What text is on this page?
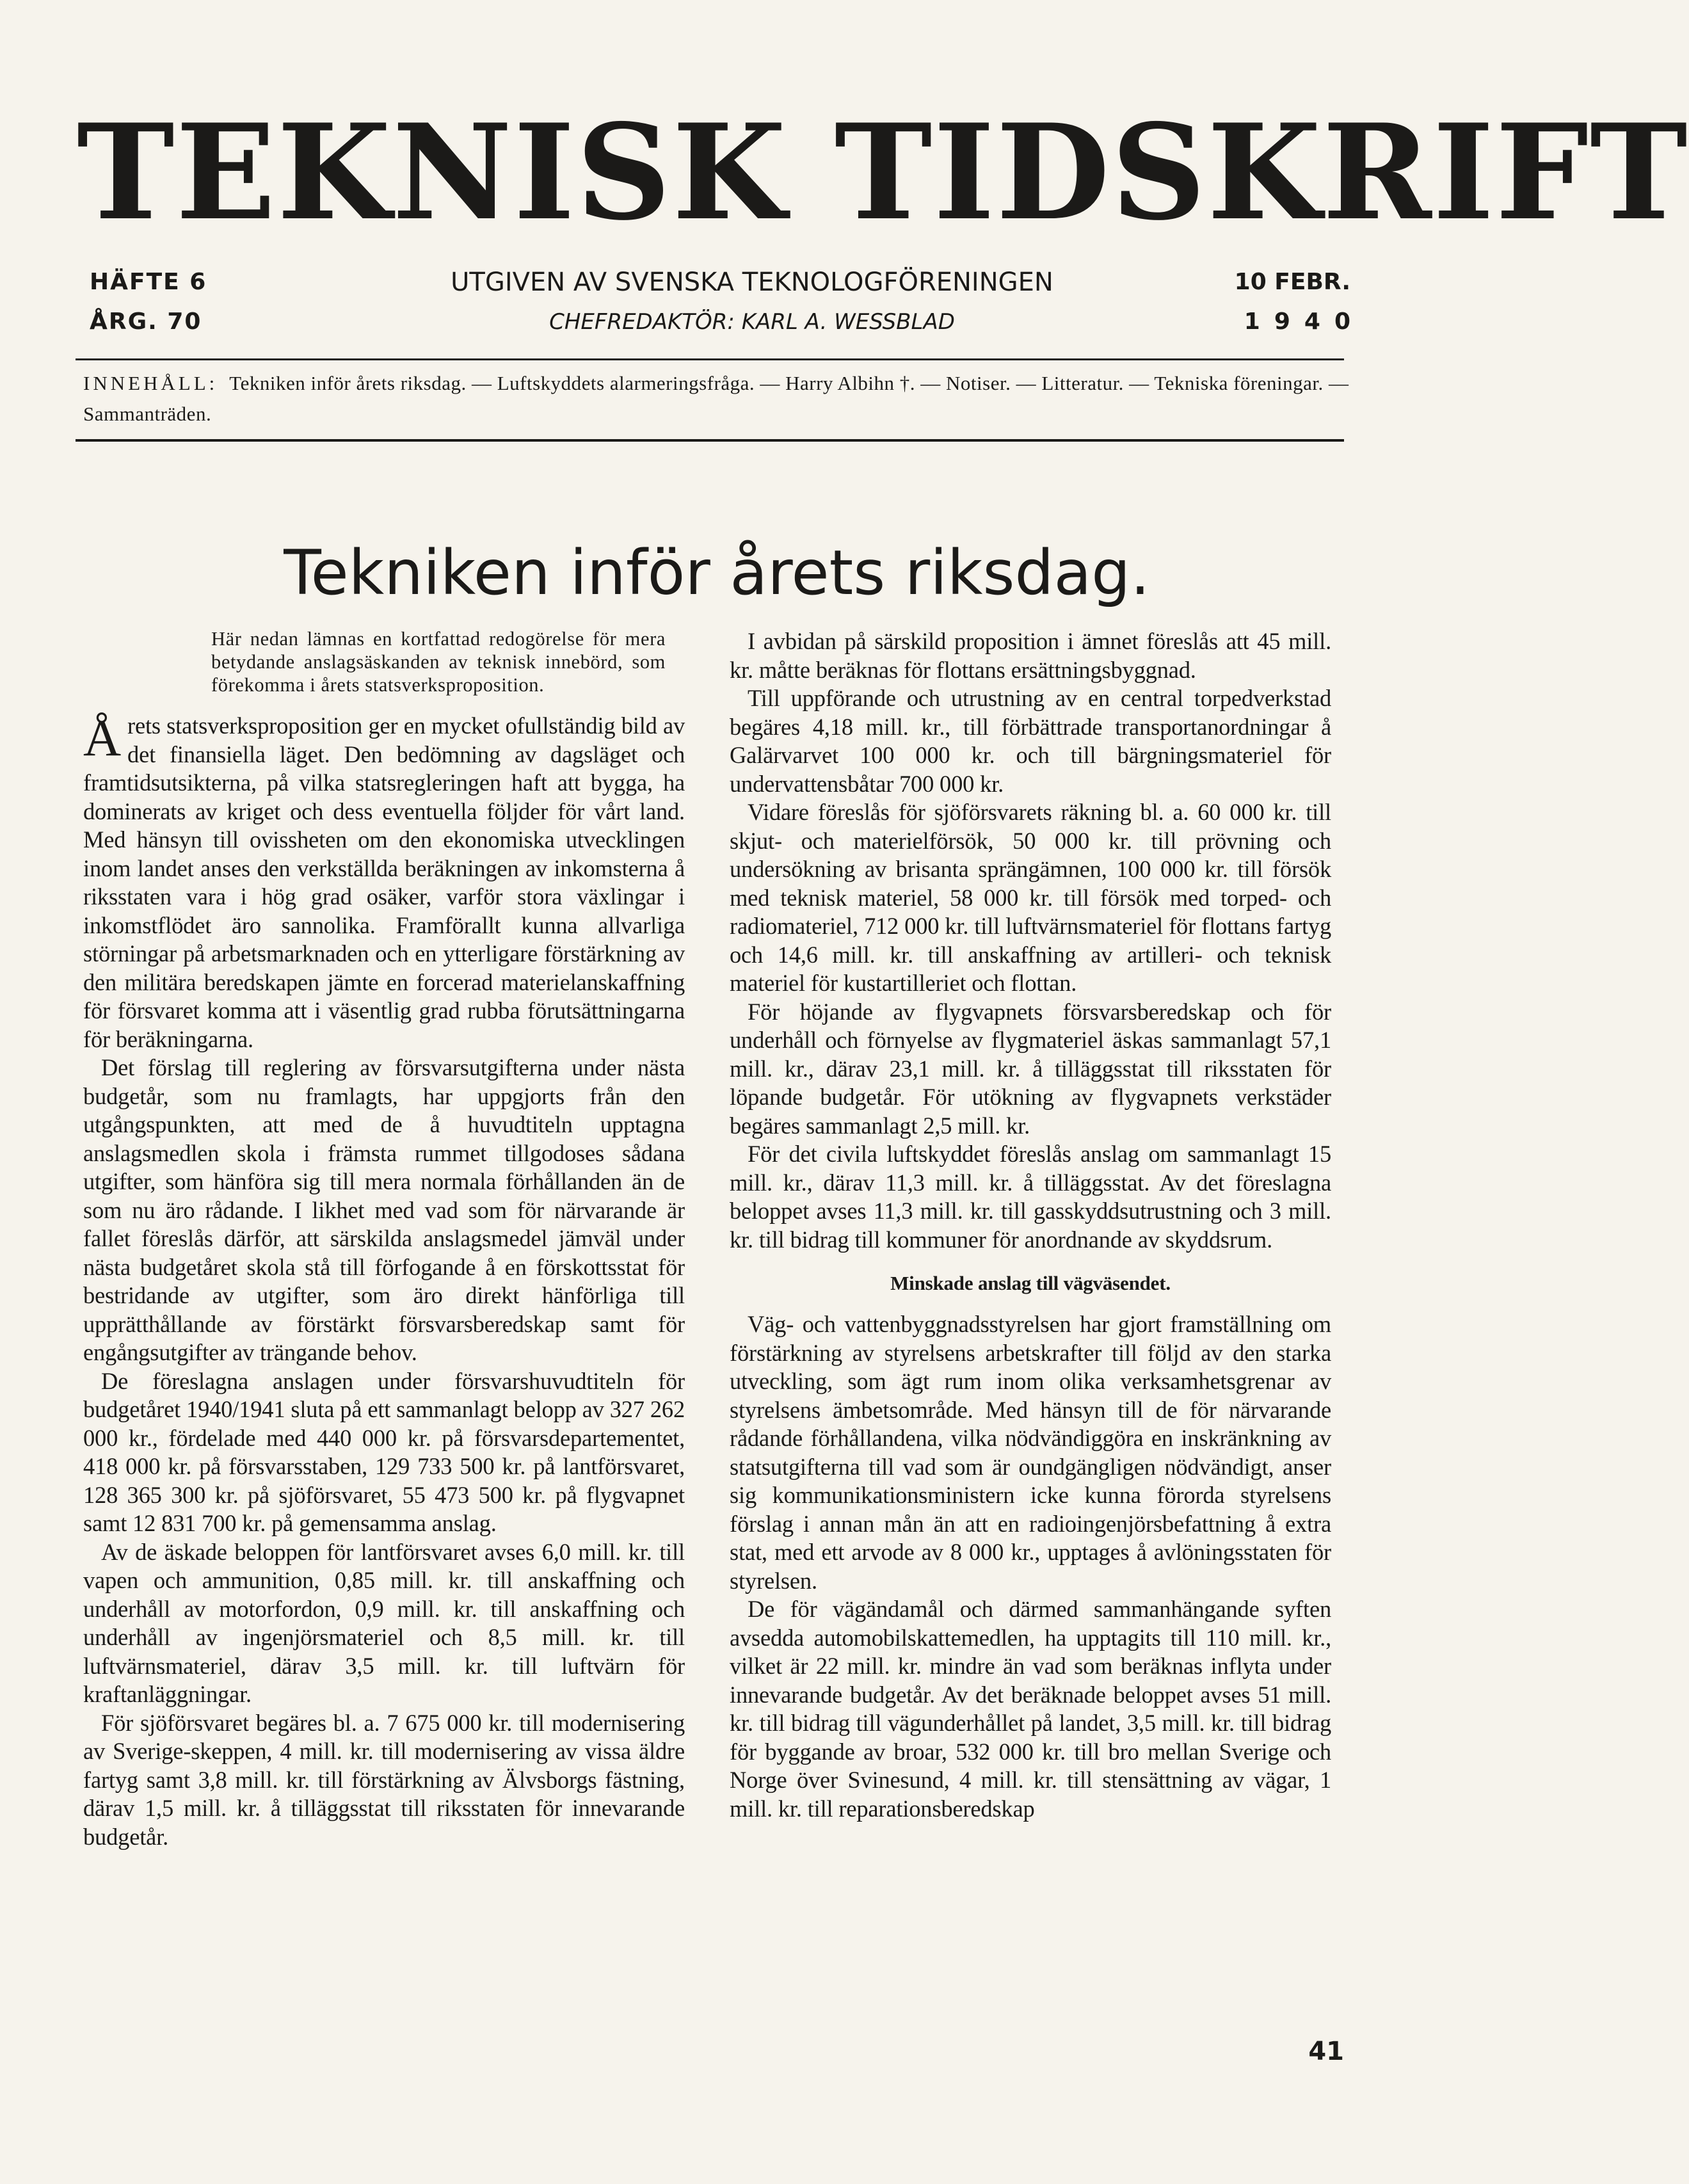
TEKNISK TIDSKRIFT
HÄFTE 6
ÅRG. 70
UTGIVEN AV SVENSKA TEKNOLOGFÖRENINGEN
CHEFREDAKTÖR: KARL A. WESSBLAD
10 FEBR.
1940
INNEHÅLL: Tekniken inför årets riksdag. — Luftskyddets alarmeringsfråga. — Harry Albihn †. — Notiser. — Litteratur. — Tekniska föreningar. — Sammanträden.
Tekniken inför årets riksdag.

Här nedan lämnas en kortfattad redogörelse för mera betydande anslagsäskanden av teknisk innebörd, som förekomma i årets statsverksproposition.

Årets statsverksproposition ger en mycket ofullständig bild av det finansiella läget. Den bedömning av dagsläget och framtidsutsikterna, på vilka statsregleringen haft att bygga, ha dominerats av kriget och dess eventuella följder för vårt land. Med hänsyn till ovissheten om den ekonomiska utvecklingen inom landet anses den verkställda beräkningen av inkomsterna å riksstaten vara i hög grad osäker, varför stora växlingar i inkomstflödet äro sannolika. Framförallt kunna allvarliga störningar på arbetsmarknaden och en ytterligare förstärkning av den militära beredskapen jämte en forcerad materielanskaffning för försvaret komma att i väsentlig grad rubba förutsättningarna för beräkningarna.

Det förslag till reglering av försvarsutgifterna under nästa budgetår, som nu framlagts, har uppgjorts från den utgångspunkten, att med de å huvudtiteln upptagna anslagsmedlen skola i främsta rummet tillgodoses sådana utgifter, som hänföra sig till mera normala förhållanden än de som nu äro rådande. I likhet med vad som för närvarande är fallet föreslås därför, att särskilda anslagsmedel jämväl under nästa budgetåret skola stå till förfogande å en förskottsstat för bestridande av utgifter, som äro direkt hänförliga till upprätthållande av förstärkt försvarsberedskap samt för engångsutgifter av trängande behov.

De föreslagna anslagen under försvarshuvudtiteln för budgetåret 1940/1941 sluta på ett sammanlagt belopp av 327 262 000 kr., fördelade med 440 000 kr. på försvarsdepartementet, 418 000 kr. på försvarsstaben, 129 733 500 kr. på lantförsvaret, 128 365 300 kr. på sjöförsvaret, 55 473 500 kr. på flygvapnet samt 12 831 700 kr. på gemensamma anslag.

Av de äskade beloppen för lantförsvaret avses 6,0 mill. kr. till vapen och ammunition, 0,85 mill. kr. till anskaffning och underhåll av motorfordon, 0,9 mill. kr. till anskaffning och underhåll av ingenjörsmateriel och 8,5 mill. kr. till luftvärnsmateriel, därav 3,5 mill. kr. till luftvärn för kraftanläggningar.

För sjöförsvaret begäres bl. a. 7 675 000 kr. till modernisering av Sverige-skeppen, 4 mill. kr. till modernisering av vissa äldre fartyg samt 3,8 mill. kr. till förstärkning av Älvsborgs fästning, därav 1,5 mill. kr. å tilläggsstat till riksstaten för innevarande budgetår.

I avbidan på särskild proposition i ämnet föreslås att 45 mill. kr. måtte beräknas för flottans ersättningsbyggnad.

Till uppförande och utrustning av en central torpedverkstad begäres 4,18 mill. kr., till förbättrade transportanordningar å Galärvarvet 100 000 kr. och till bärgningsmateriel för undervattensbåtar 700 000 kr.

Vidare föreslås för sjöförsvarets räkning bl. a. 60 000 kr. till skjut- och materielförsök, 50 000 kr. till prövning och undersökning av brisanta sprängämnen, 100 000 kr. till försök med teknisk materiel, 58 000 kr. till försök med torped- och radiomateriel, 712 000 kr. till luftvärnsmateriel för flottans fartyg och 14,6 mill. kr. till anskaffning av artilleri- och teknisk materiel för kustartilleriet och flottan.

För höjande av flygvapnets försvarsberedskap och för underhåll och förnyelse av flygmateriel äskas sammanlagt 57,1 mill. kr., därav 23,1 mill. kr. å tilläggsstat till riksstaten för löpande budgetår. För utökning av flygvapnets verkstäder begäres sammanlagt 2,5 mill. kr.

För det civila luftskyddet föreslås anslag om sammanlagt 15 mill. kr., därav 11,3 mill. kr. å tilläggsstat. Av det föreslagna beloppet avses 11,3 mill. kr. till gasskyddsutrustning och 3 mill. kr. till bidrag till kommuner för anordnande av skyddsrum.

Minskade anslag till vägväsendet.

Väg- och vattenbyggnadsstyrelsen har gjort framställning om förstärkning av styrelsens arbetskrafter till följd av den starka utveckling, som ägt rum inom olika verksamhetsgrenar av styrelsens ämbetsområde. Med hänsyn till de för närvarande rådande förhållandena, vilka nödvändiggöra en inskränkning av statsutgifterna till vad som är oundgängligen nödvändigt, anser sig kommunikationsministern icke kunna förorda styrelsens förslag i annan mån än att en radioingenjörsbefattning å extra stat, med ett arvode av 8 000 kr., upptages å avlöningsstaten för styrelsen.

De för vägändamål och därmed sammanhängande syften avsedda automobilskattemedlen, ha upptagits till 110 mill. kr., vilket är 22 mill. kr. mindre än vad som beräknas inflyta under innevarande budgetår. Av det beräknade beloppet avses 51 mill. kr. till bidrag till vägunderhållet på landet, 3,5 mill. kr. till bidrag för byggande av broar, 532 000 kr. till bro mellan Sverige och Norge över Svinesund, 4 mill. kr. till stensättning av vägar, 1 mill. kr. till reparationsberedskap

41
